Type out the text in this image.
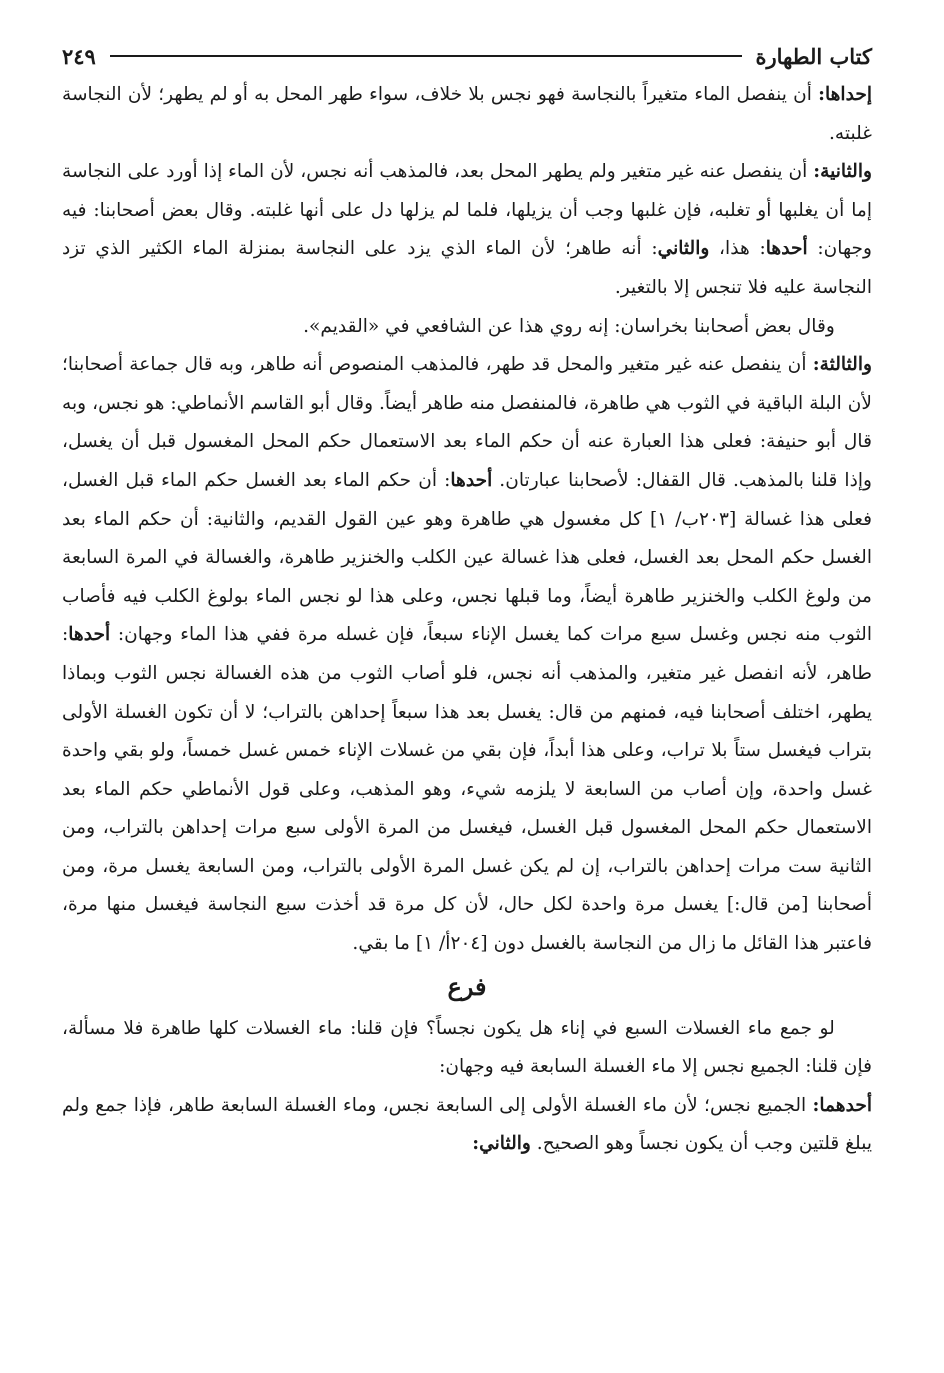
كتاب الطهارة
٢٤٩

إحداها: أن ينفصل الماء متغيراً بالنجاسة فهو نجس بلا خلاف، سواء طهر المحل به أو لم يطهر؛ لأن النجاسة غلبته.

والثانية: أن ينفصل عنه غير متغير ولم يطهر المحل بعد، فالمذهب أنه نجس، لأن الماء إذا أورد على النجاسة إما أن يغلبها أو تغلبه، فإن غلبها وجب أن يزيلها، فلما لم يزلها دل على أنها غلبته. وقال بعض أصحابنا: فيه وجهان: أحدها: هذا، والثاني: أنه طاهر؛ لأن الماء الذي يزد على النجاسة بمنزلة الماء الكثير الذي تزد النجاسة عليه فلا تنجس إلا بالتغير.

وقال بعض أصحابنا بخراسان: إنه روي هذا عن الشافعي في «القديم».

والثالثة: أن ينفصل عنه غير متغير والمحل قد طهر، فالمذهب المنصوص أنه طاهر، وبه قال جماعة أصحابنا؛ لأن البلة الباقية في الثوب هي طاهرة، فالمنفصل منه طاهر أيضاً. وقال أبو القاسم الأنماطي: هو نجس، وبه قال أبو حنيفة: فعلى هذا العبارة عنه أن حكم الماء بعد الاستعمال حكم المحل المغسول قبل أن يغسل، وإذا قلنا بالمذهب. قال القفال: لأصحابنا عبارتان. أحدها: أن حكم الماء بعد الغسل حكم الماء قبل الغسل، فعلى هذا غسالة [٢٠٣ب/ ١] كل مغسول هي طاهرة وهو عين القول القديم، والثانية: أن حكم الماء بعد الغسل حكم المحل بعد الغسل، فعلى هذا غسالة عين الكلب والخنزير طاهرة، والغسالة في المرة السابعة من ولوغ الكلب والخنزير طاهرة أيضاً، وما قبلها نجس، وعلى هذا لو نجس الماء بولوغ الكلب فيه فأصاب الثوب منه نجس وغسل سبع مرات كما يغسل الإناء سبعاً، فإن غسله مرة ففي هذا الماء وجهان: أحدها: طاهر، لأنه انفصل غير متغير، والمذهب أنه نجس، فلو أصاب الثوب من هذه الغسالة نجس الثوب وبماذا يطهر، اختلف أصحابنا فيه، فمنهم من قال: يغسل بعد هذا سبعاً إحداهن بالتراب؛ لا أن تكون الغسلة الأولى بتراب فيغسل ستاً بلا تراب، وعلى هذا أبداً، فإن بقي من غسلات الإناء خمس غسل خمساً، ولو بقي واحدة غسل واحدة، وإن أصاب من السابعة لا يلزمه شيء، وهو المذهب، وعلى قول الأنماطي حكم الماء بعد الاستعمال حكم المحل المغسول قبل الغسل، فيغسل من المرة الأولى سبع مرات إحداهن بالتراب، ومن الثانية ست مرات إحداهن بالتراب، إن لم يكن غسل المرة الأولى بالتراب، ومن السابعة يغسل مرة، ومن أصحابنا [من قال:] يغسل مرة واحدة لكل حال، لأن كل مرة قد أخذت سبع النجاسة فيغسل منها مرة، فاعتبر هذا القائل ما زال من النجاسة بالغسل دون [٢٠٤أ/ ١] ما بقي.

فرع

لو جمع ماء الغسلات السبع في إناء هل يكون نجساً؟ فإن قلنا: ماء الغسلات كلها طاهرة فلا مسألة، فإن قلنا: الجميع نجس إلا ماء الغسلة السابعة فيه وجهان:

أحدهما: الجميع نجس؛ لأن ماء الغسلة الأولى إلى السابعة نجس، وماء الغسلة السابعة طاهر، فإذا جمع ولم يبلغ قلتين وجب أن يكون نجساً وهو الصحيح. والثاني:
